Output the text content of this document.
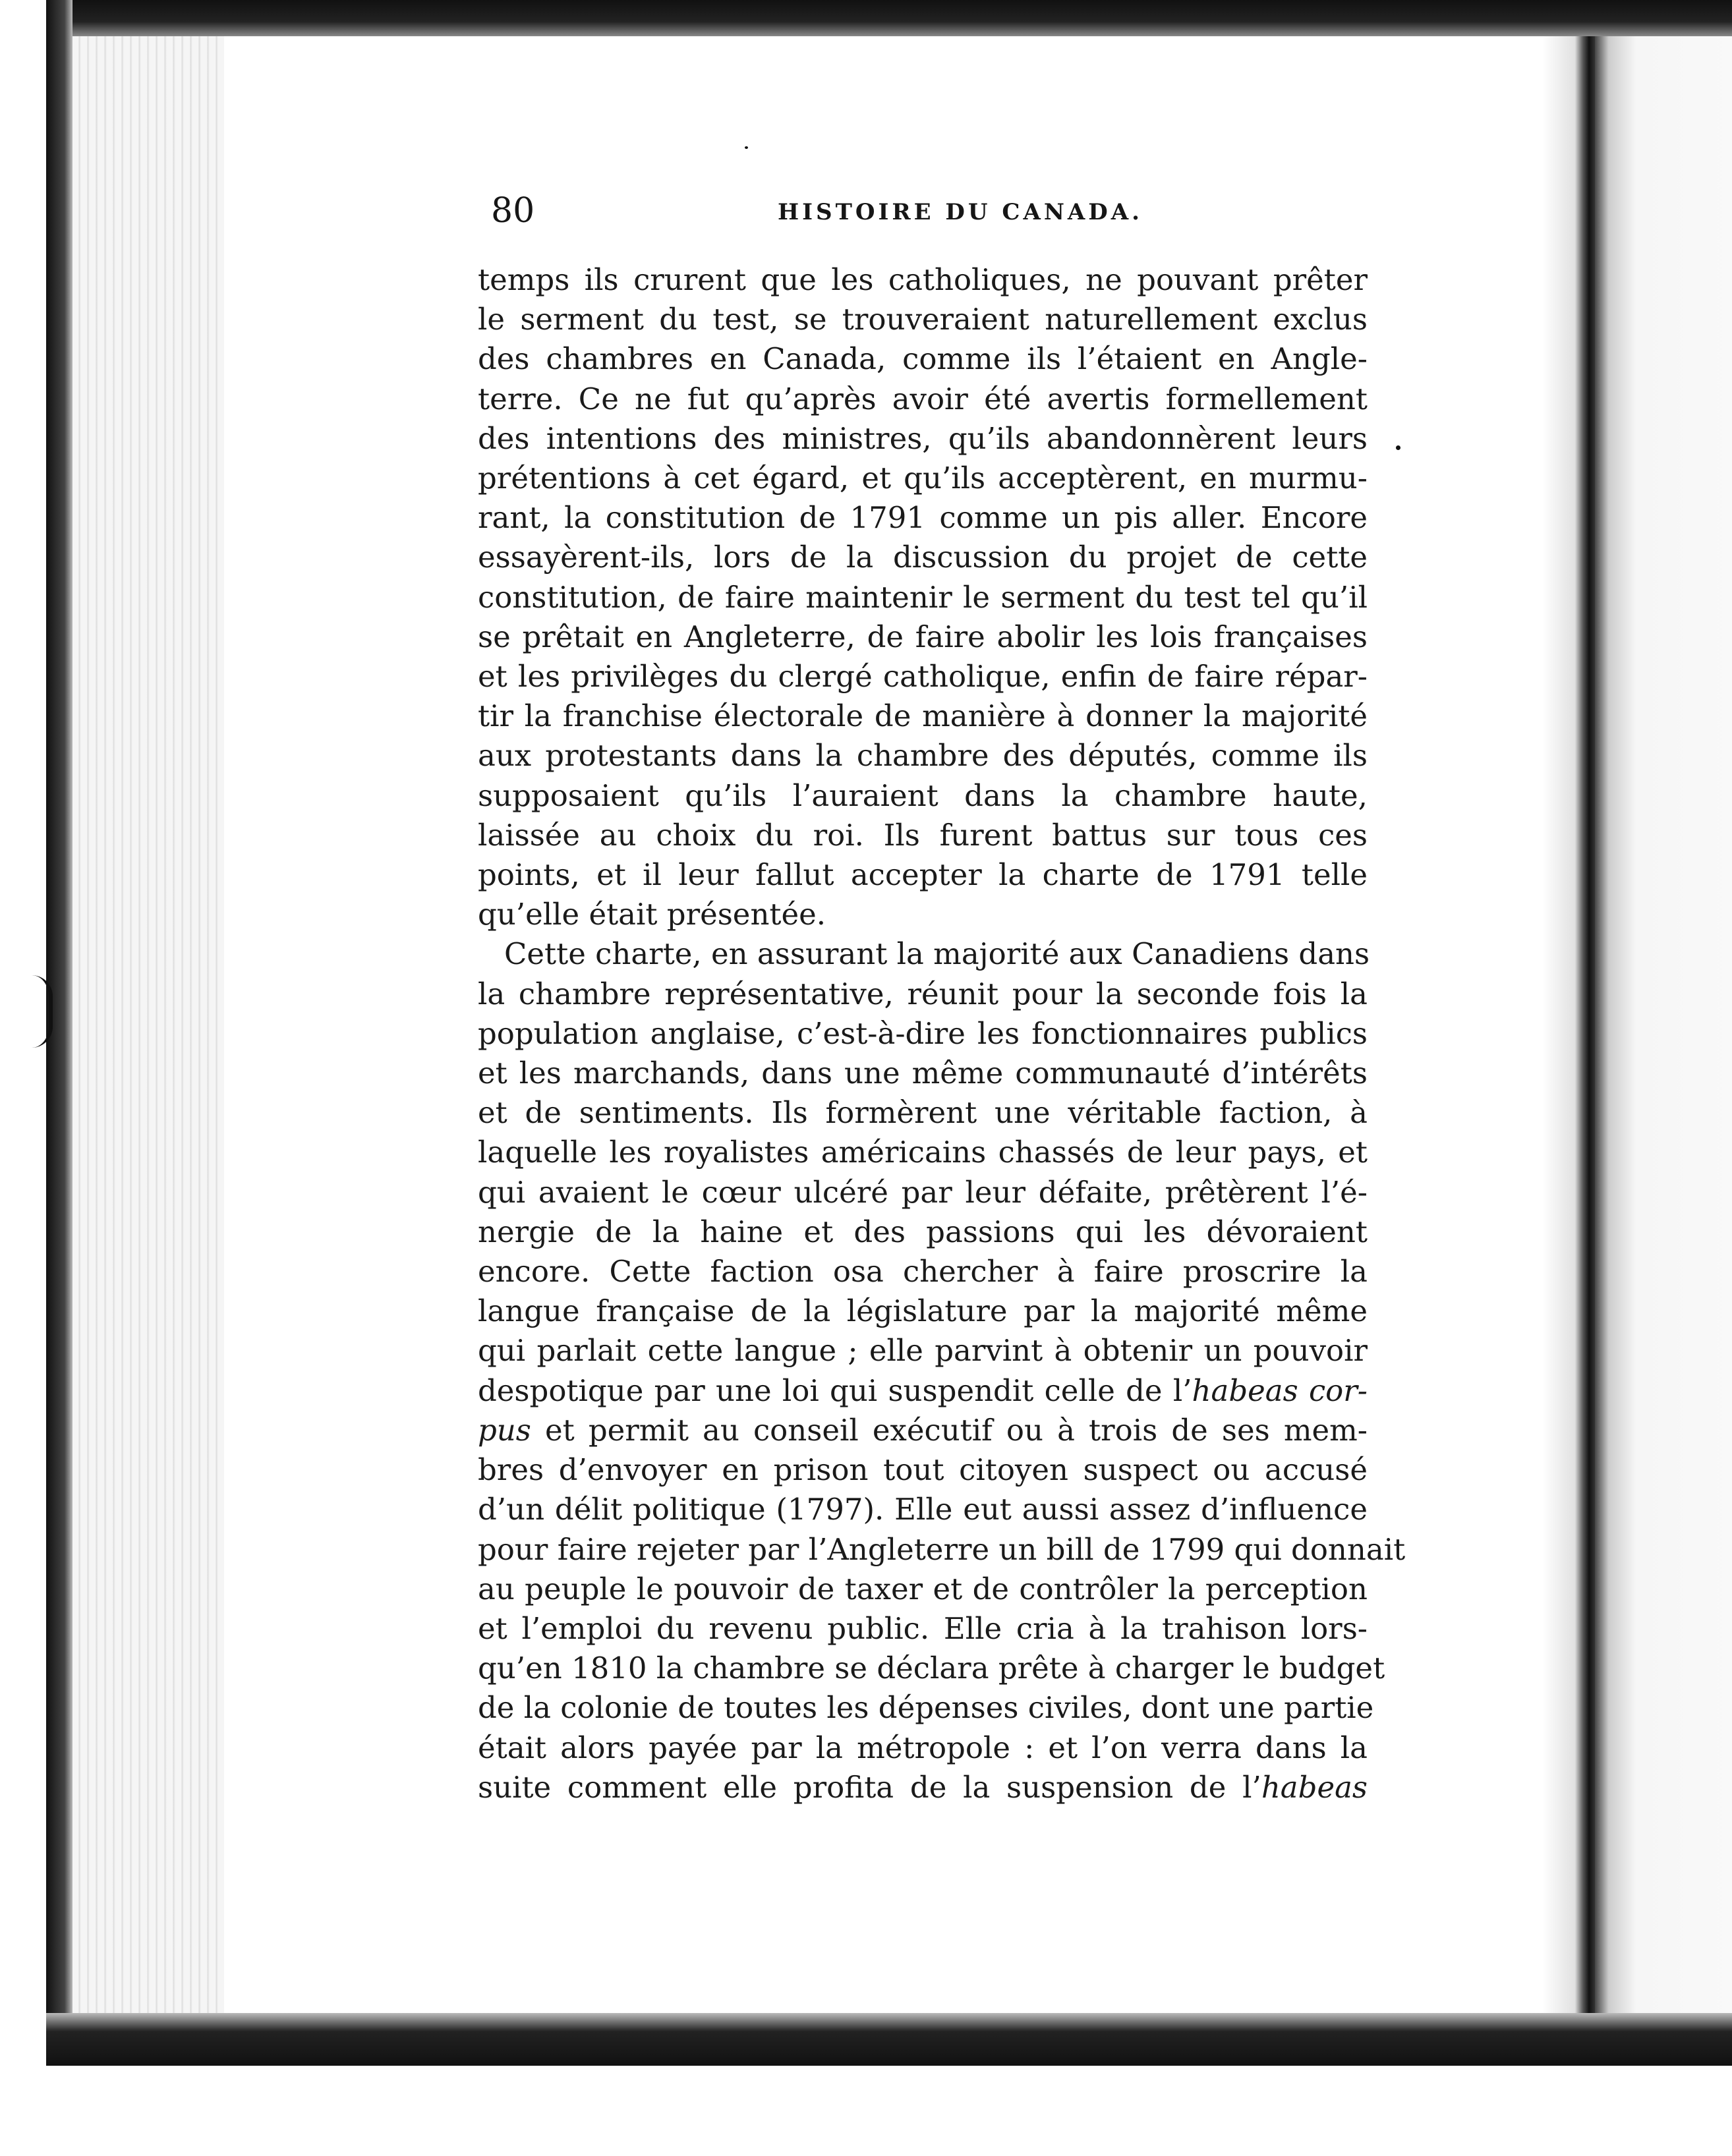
80	HISTOIRE DU CANADA.
temps ils crurent que les catholiques, ne pouvant prêter
le serment du test, se trouveraient naturellement exclus
des chambres en Canada, comme ils l’étaient en Angle-
terre. Ce ne fut qu’après avoir été avertis formellement
des intentions des ministres, qu’ils abandonnèrent leurs
prétentions à cet égard, et qu’ils acceptèrent, en murmu-
rant, la constitution de 1791 comme un pis aller. Encore
essayèrent-ils, lors de la discussion du projet de cette
constitution, de faire maintenir le serment du test tel qu’il
se prêtait en Angleterre, de faire abolir les lois françaises
et les privilèges du clergé catholique, enfin de faire répar-
tir la franchise électorale de manière à donner la majorité
aux protestants dans la chambre des députés, comme ils
supposaient qu’ils l’auraient dans la chambre haute,
laissée au choix du roi. Ils furent battus sur tous ces
points, et il leur fallut accepter la charte de 1791 telle
qu’elle était présentée.
Cette charte, en assurant la majorité aux Canadiens dans
la chambre représentative, réunit pour la seconde fois la
population anglaise, c’est-à-dire les fonctionnaires publics
et les marchands, dans une même communauté d’intérêts
et de sentiments. Ils formèrent une véritable faction, à
laquelle les royalistes américains chassés de leur pays, et
qui avaient le cœur ulcéré par leur défaite, prêtèrent l’é-
nergie de la haine et des passions qui les dévoraient
encore. Cette faction osa chercher à faire proscrire la
langue française de la législature par la majorité même
qui parlait cette langue ; elle parvint à obtenir un pouvoir
despotique par une loi qui suspendit celle de l’habeas cor-
pus et permit au conseil exécutif ou à trois de ses mem-
bres d’envoyer en prison tout citoyen suspect ou accusé
d’un délit politique (1797). Elle eut aussi assez d’influence
pour faire rejeter par l’Angleterre un bill de 1799 qui donnait
au peuple le pouvoir de taxer et de contrôler la perception
et l’emploi du revenu public. Elle cria à la trahison lors-
qu’en 1810 la chambre se déclara prête à charger le budget
de la colonie de toutes les dépenses civiles, dont une partie
était alors payée par la métropole : et l’on verra dans la
suite comment elle profita de la suspension de l’habeas
